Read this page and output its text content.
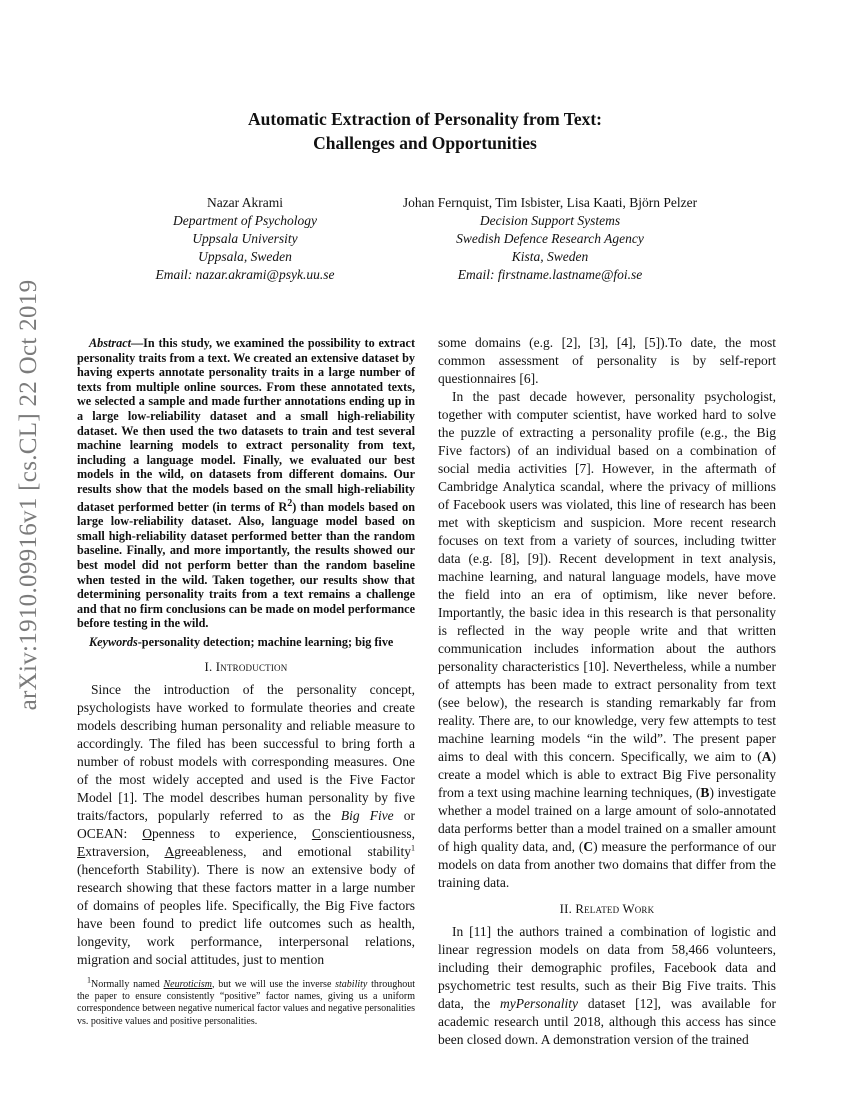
arXiv:1910.09916v1 [cs.CL] 22 Oct 2019
Automatic Extraction of Personality from Text:
Challenges and Opportunities
Nazar Akrami
Department of Psychology
Uppsala University
Uppsala, Sweden
Email: nazar.akrami@psyk.uu.se
Johan Fernquist, Tim Isbister, Lisa Kaati, Björn Pelzer
Decision Support Systems
Swedish Defence Research Agency
Kista, Sweden
Email: firstname.lastname@foi.se

Abstract—In this study, we examined the possibility to extract personality traits from a text. We created an extensive dataset by having experts annotate personality traits in a large number of texts from multiple online sources. From these annotated texts, we selected a sample and made further annotations ending up in a large low-reliability dataset and a small high-reliability dataset. We then used the two datasets to train and test several machine learning models to extract personality from text, including a language model. Finally, we evaluated our best models in the wild, on datasets from different domains. Our results show that the models based on the small high-reliability dataset performed better (in terms of $R^2$) than models based on large low-reliability dataset. Also, language model based on small high-reliability dataset performed better than the random baseline. Finally, and more importantly, the results showed our best model did not perform better than the random baseline when tested in the wild. Taken together, our results show that determining personality traits from a text remains a challenge and that no firm conclusions can be made on model performance before testing in the wild.

Keywords-personality detection; machine learning; big five

I. Introduction

Since the introduction of the personality concept, psychologists have worked to formulate theories and create models describing human personality and reliable measure to accordingly. The filed has been successful to bring forth a number of robust models with corresponding measures. One of the most widely accepted and used is the Five Factor Model [1]. The model describes human personality by five traits/factors, popularly referred to as the Big Five or OCEAN: Openness to experience, Conscientiousness, Extraversion, Agreeableness, and emotional stability$^1$ (henceforth Stability). There is now an extensive body of research showing that these factors matter in a large number of domains of peoples life. Specifically, the Big Five factors have been found to predict life outcomes such as health, longevity, work performance, interpersonal relations, migration and social attitudes, just to mention

$^1$Normally named Neuroticism, but we will use the inverse stability throughout the paper to ensure consistently “positive” factor names, giving us a uniform correspondence between negative numerical factor values and negative personalities vs. positive values and positive personalities.

some domains (e.g. [2], [3], [4], [5]).To date, the most common assessment of personality is by self-report questionnaires [6].

In the past decade however, personality psychologist, together with computer scientist, have worked hard to solve the puzzle of extracting a personality profile (e.g., the Big Five factors) of an individual based on a combination of social media activities [7]. However, in the aftermath of Cambridge Analytica scandal, where the privacy of millions of Facebook users was violated, this line of research has been met with skepticism and suspicion. More recent research focuses on text from a variety of sources, including twitter data (e.g. [8], [9]). Recent development in text analysis, machine learning, and natural language models, have move the field into an era of optimism, like never before. Importantly, the basic idea in this research is that personality is reflected in the way people write and that written communication includes information about the authors personality characteristics [10]. Nevertheless, while a number of attempts has been made to extract personality from text (see below), the research is standing remarkably far from reality. There are, to our knowledge, very few attempts to test machine learning models “in the wild”. The present paper aims to deal with this concern. Specifically, we aim to (A) create a model which is able to extract Big Five personality from a text using machine learning techniques, (B) investigate whether a model trained on a large amount of solo-annotated data performs better than a model trained on a smaller amount of high quality data, and, (C) measure the performance of our models on data from another two domains that differ from the training data.

II. Related Work

In [11] the authors trained a combination of logistic and linear regression models on data from 58,466 volunteers, including their demographic profiles, Facebook data and psychometric test results, such as their Big Five traits. This data, the myPersonality dataset [12], was available for academic research until 2018, although this access has since been closed down. A demonstration version of the trained
